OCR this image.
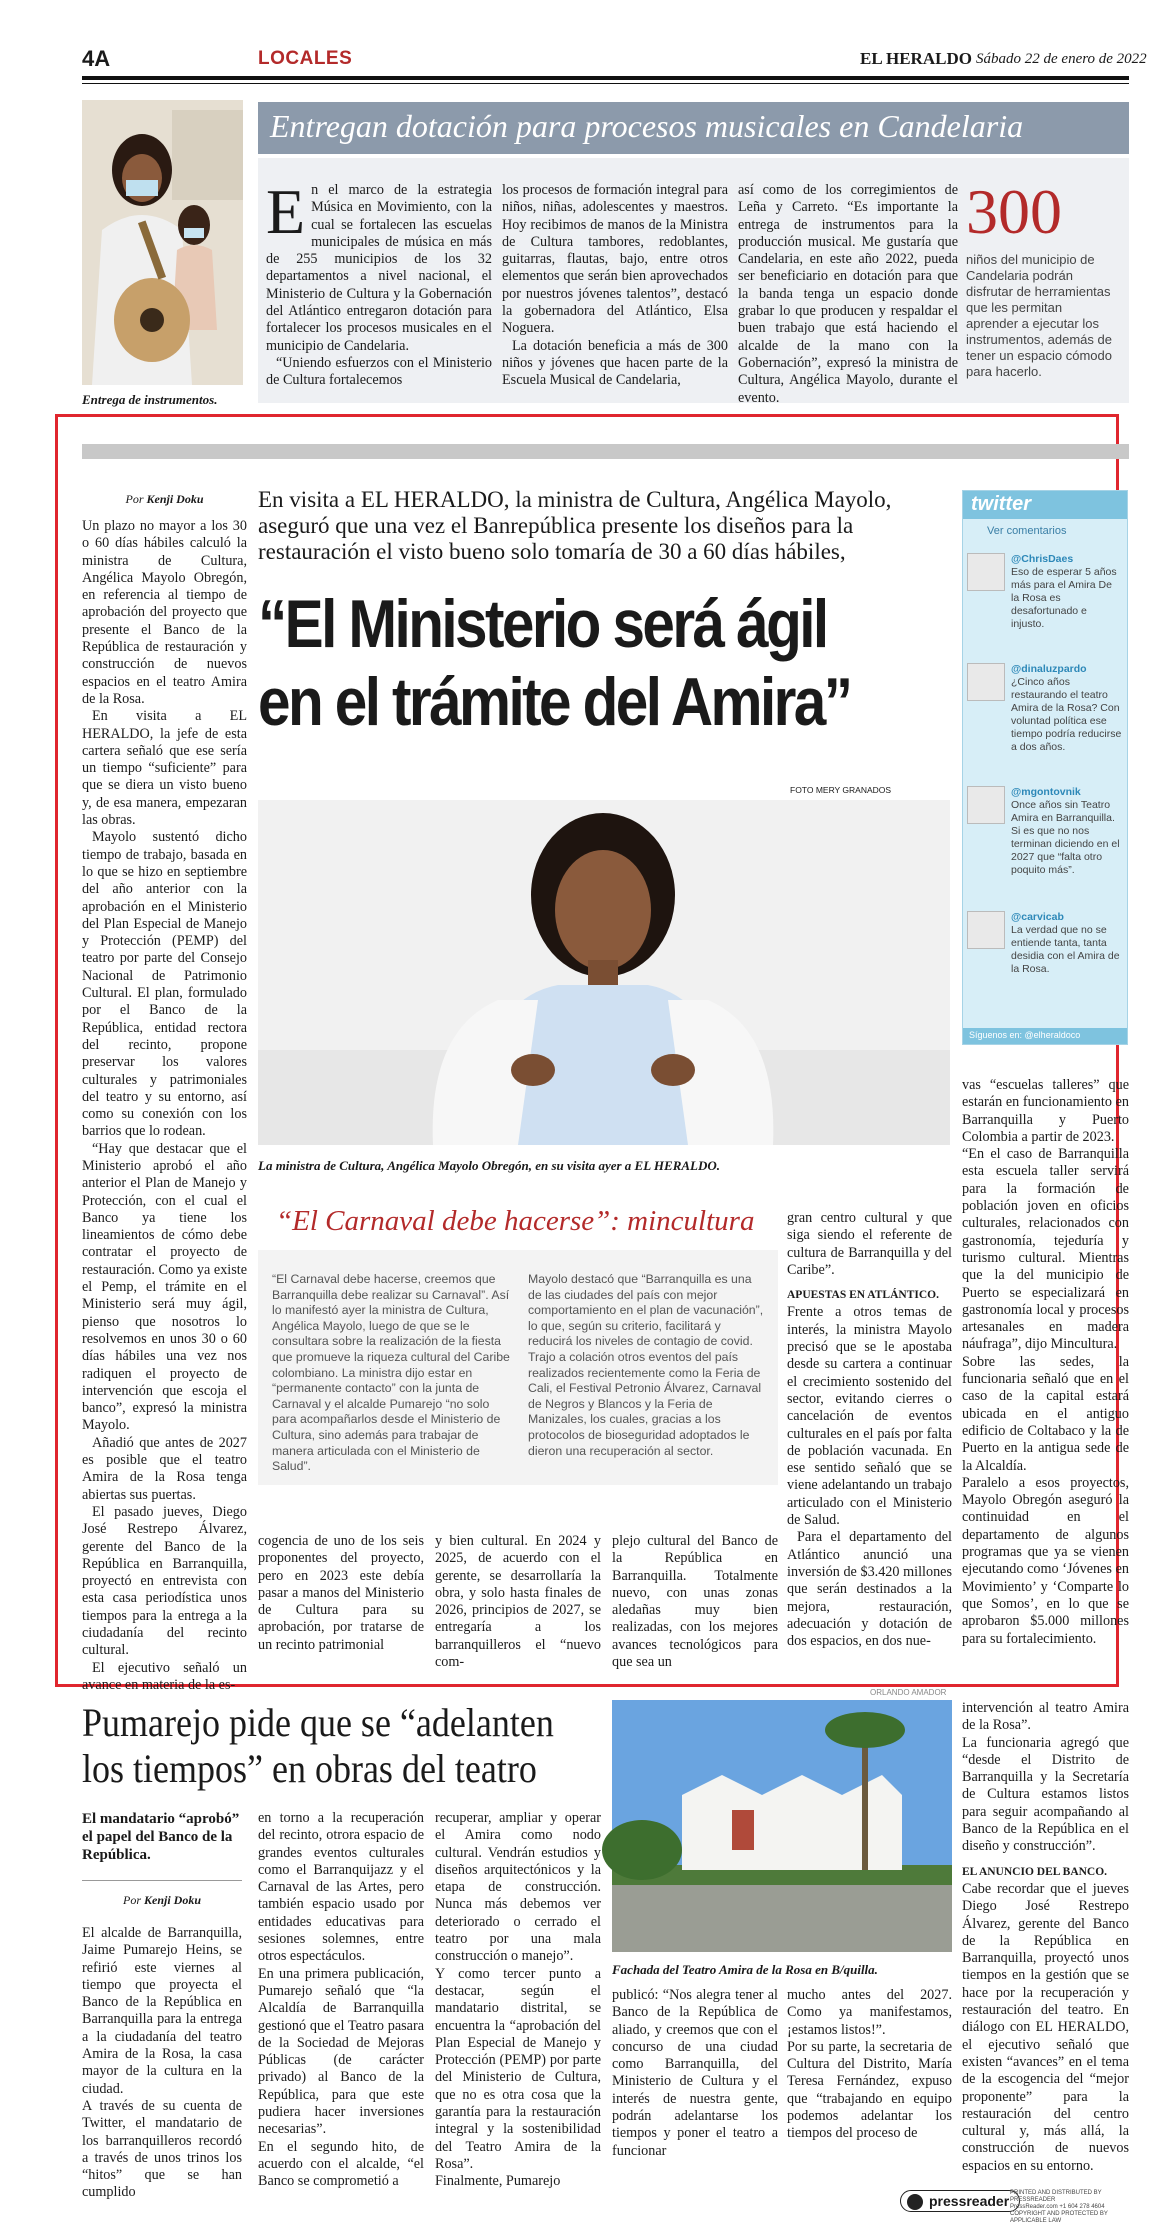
4A	LOCALES	EL HERALDO Sábado 22 de enero de 2022
Entrega de instrumentos.
Entregan dotación para procesos musicales en Candelaria
E n el marco de la estrategia Música en Movimiento, con la cual se fortalecen las escuelas municipales de música en más de 255 municipios de los 32 departamentos a nivel nacional, el Ministerio de Cultura y la Gobernación del Atlántico entregaron dotación para fortalecer los procesos musicales en el municipio de Candelaria.

“Uniendo esfuerzos con el Ministerio de Cultura fortalecemos

los procesos de formación integral para niños, niñas, adolescentes y maestros. Hoy recibimos de manos de la Ministra de Cultura tambores, redoblantes, guitarras, flautas, bajo, entre otros elementos que serán bien aprovechados por nuestros jóvenes talentos”, destacó la gobernadora del Atlántico, Elsa Noguera.

La dotación beneficia a más de 300 niños y jóvenes que hacen parte de la Escuela Musical de Candelaria,

así como de los corregimientos de Leña y Carreto. “Es importante la entrega de instrumentos para la producción musical. Me gustaría que Candelaria, en este año 2022, pueda ser beneficiario en dotación para que la banda tenga un espacio donde grabar lo que producen y respaldar el buen trabajo que está haciendo el alcalde de la mano con la Gobernación”, expresó la ministra de Cultura, Angélica Mayolo, durante el evento.
300
niños del municipio de Candelaria podrán disfrutar de herramientas que les permitan aprender a ejecutar los instrumentos, además de tener un espacio cómodo para hacerlo.
Por Kenji Doku

Un plazo no mayor a los 30 o 60 días hábiles calculó la ministra de Cultura, Angélica Mayolo Obregón, en referencia al tiempo de aprobación del proyecto que presente el Banco de la República de restauración y construcción de nuevos espacios en el teatro Amira de la Rosa.

En visita a EL HERALDO, la jefe de esta cartera señaló que ese sería un tiempo “suficiente” para que se diera un visto bueno y, de esa manera, empezaran las obras.

Mayolo sustentó dicho tiempo de trabajo, basada en lo que se hizo en septiembre del año anterior con la aprobación en el Ministerio del Plan Especial de Manejo y Protección (PEMP) del teatro por parte del Consejo Nacional de Patrimonio Cultural. El plan, formulado por el Banco de la República, entidad rectora del recinto, propone preservar los valores culturales y patrimoniales del teatro y su entorno, así como su conexión con los barrios que lo rodean.

“Hay que destacar que el Ministerio aprobó el año anterior el Plan de Manejo y Protección, con el cual el Banco ya tiene los lineamientos de cómo debe contratar el proyecto de restauración. Como ya existe el Pemp, el trámite en el Ministerio será muy ágil, pienso que nosotros lo resolvemos en unos 30 o 60 días hábiles una vez nos radiquen el proyecto de intervención que escoja el banco”, expresó la ministra Mayolo.

Añadió que antes de 2027 es posible que el teatro Amira de la Rosa tenga abiertas sus puertas.

El pasado jueves, Diego José Restrepo Álvarez, gerente del Banco de la República en Barranquilla, proyectó en entrevista con esta casa periodística unos tiempos para la entrega a la ciudadanía del recinto cultural.

El ejecutivo señaló un avance en materia de la es-

En visita a EL HERALDO, la ministra de Cultura, Angélica Mayolo, aseguró que una vez el Banrepública presente los diseños para la restauración el visto bueno solo tomaría de 30 a 60 días hábiles,
“El Ministerio será ágil
en el trámite del Amira”
FOTO MERY GRANADOS
La ministra de Cultura, Angélica Mayolo Obregón, en su visita ayer a EL HERALDO.
twitter
Ver comentarios
@ChrisDaes
Eso de esperar 5 años más para el Amira De la Rosa es desafortunado e injusto.
@dinaluzpardo
¿Cinco años restaurando el teatro Amira de la Rosa? Con voluntad política ese tiempo podría reducirse a dos años.
@mgontovnik
Once años sin Teatro Amira en Barranquilla. Si es que no nos terminan diciendo en el 2027 que “falta otro poquito más”.
@carvicab
La verdad que no se entiende tanta, tanta desidia con el Amira de la Rosa.
Síguenos en: @elheraldoco
“El Carnaval debe hacerse”: mincultura
“El Carnaval debe hacerse, creemos que Barranquilla debe realizar su Carnaval”. Así lo manifestó ayer la ministra de Cultura, Angélica Mayolo, luego de que se le consultara sobre la realización de la fiesta que promueve la riqueza cultural del Caribe colombiano. La ministra dijo estar en “permanente contacto” con la junta de Carnaval y el alcalde Pumarejo “no solo para acompañarlos desde el Ministerio de Cultura, sino además para trabajar de manera articulada con el Ministerio de Salud”.
Mayolo destacó que “Barranquilla es una de las ciudades del país con mejor comportamiento en el plan de vacunación”, lo que, según su criterio, facilitará y reducirá los niveles de contagio de covid.
Trajo a colación otros eventos del país realizados recientemente como la Feria de Cali, el Festival Petronio Álvarez, Carnaval de Negros y Blancos y la Feria de Manizales, los cuales, gracias a los protocolos de bioseguridad adoptados le dieron una recuperación al sector.
cogencia de uno de los seis proponentes del proyecto, pero en 2023 este debía pasar a manos del Ministerio de Cultura para su aprobación, por tratarse de un recinto patrimonial
y bien cultural. En 2024 y 2025, de acuerdo con el gerente, se desarrollaría la obra, y solo hasta finales de 2026, principios de 2027, se entregaría a los barranquilleros el “nuevo com-
plejo cultural del Banco de la República en Barranquilla. Totalmente nuevo, con unas zonas aledañas muy bien realizadas, con los mejores avances tecnológicos para que sea un
gran centro cultural y que siga siendo el referente de cultura de Barranquilla y del Caribe”.
APUESTAS EN ATLÁNTICO.
Frente a otros temas de interés, la ministra Mayolo precisó que se le apostaba desde su cartera a continuar el crecimiento sostenido del sector, evitando cierres o cancelación de eventos culturales en el país por falta de población vacunada. En ese sentido señaló que se viene adelantando un trabajo articulado con el Ministerio de Salud.

Para el departamento del Atlántico anunció una inversión de $3.420 millones que serán destinados a la mejora, restauración, adecuación y dotación de dos espacios, en dos nue-

vas “escuelas talleres” que estarán en funcionamiento en Barranquilla y Puerto Colombia a partir de 2023.
“En el caso de Barranquilla esta escuela taller servirá para la formación de población joven en oficios culturales, relacionados con gastronomía, tejeduría y turismo cultural. Mientras que la del municipio de Puerto se especializará en gastronomía local y procesos artesanales en madera náufraga”, dijo Mincultura.
Sobre las sedes, la funcionaria señaló que en el caso de la capital estará ubicada en el antiguo edificio de Coltabaco y la de Puerto en la antigua sede de la Alcaldía.
Paralelo a esos proyectos, Mayolo Obregón aseguró la continuidad en el departamento de algunos programas que ya se vienen ejecutando como ‘Jóvenes en Movimiento’ y ‘Comparte lo que Somos’, en lo que se aprobaron $5.000 millones para su fortalecimiento.
Pumarejo pide que se “adelanten los tiempos” en obras del teatro
El mandatario “aprobó” el papel del Banco de la República.
Por Kenji Doku
El alcalde de Barranquilla, Jaime Pumarejo Heins, se refirió este viernes al tiempo que proyecta el Banco de la República en Barranquilla para la entrega a la ciudadanía del teatro Amira de la Rosa, la casa mayor de la cultura en la ciudad.
A través de su cuenta de Twitter, el mandatario de los barranquilleros recordó a través de unos trinos los “hitos” que se han cumplido
en torno a la recuperación del recinto, otrora espacio de grandes eventos culturales como el Barranquijazz y el Carnaval de las Artes, pero también espacio usado por entidades educativas para sesiones solemnes, entre otros espectáculos.
En una primera publicación, Pumarejo señaló que “la Alcaldía de Barranquilla gestionó que el Teatro pasara de la Sociedad de Mejoras Públicas (de carácter privado) al Banco de la República, para que este pudiera hacer inversiones necesarias”.
En el segundo hito, de acuerdo con el alcalde, “el Banco se comprometió a
recuperar, ampliar y operar el Amira como nodo cultural. Vendrán estudios y diseños arquitectónicos y la etapa de construcción. Nunca más debemos ver deteriorado o cerrado el teatro por una mala construcción o manejo”.
Y como tercer punto a destacar, según el mandatario distrital, se encuentra la “aprobación del Plan Especial de Manejo y Protección (PEMP) por parte del Ministerio de Cultura, que no es otra cosa que la garantía para la restauración integral y la sostenibilidad del Teatro Amira de la Rosa”.
Finalmente, Pumarejo
ORLANDO AMADOR
Fachada del Teatro Amira de la Rosa en B/quilla.
publicó: “Nos alegra tener al Banco de la República de aliado, y creemos que con el concurso de una ciudad como Barranquilla, del Ministerio de Cultura y el interés de nuestra gente, podrán adelantarse los tiempos y poner el teatro a funcionar
mucho antes del 2027. Como ya manifestamos, ¡estamos listos!”.
Por su parte, la secretaria de Cultura del Distrito, María Teresa Fernández, expuso que “trabajando en equipo podemos adelantar los tiempos del proceso de
intervención al teatro Amira de la Rosa”.
La funcionaria agregó que “desde el Distrito de Barranquilla y la Secretaría de Cultura estamos listos para seguir acompañando al Banco de la República en el diseño y construcción”.
EL ANUNCIO DEL BANCO.
Cabe recordar que el jueves Diego José Restrepo Álvarez, gerente del Banco de la República en Barranquilla, proyectó unos tiempos en la gestión que se hace por la recuperación y restauración del teatro. En diálogo con EL HERALDO, el ejecutivo señaló que existen “avances” en el tema de la escogencia del “mejor proponente” para la restauración del centro cultural y, más allá, la construcción de nuevos espacios en su entorno.
pressreader PRINTED AND DISTRIBUTED BY PRESSREADER
PressReader.com +1 604 278 4604
COPYRIGHT AND PROTECTED BY APPLICABLE LAW
